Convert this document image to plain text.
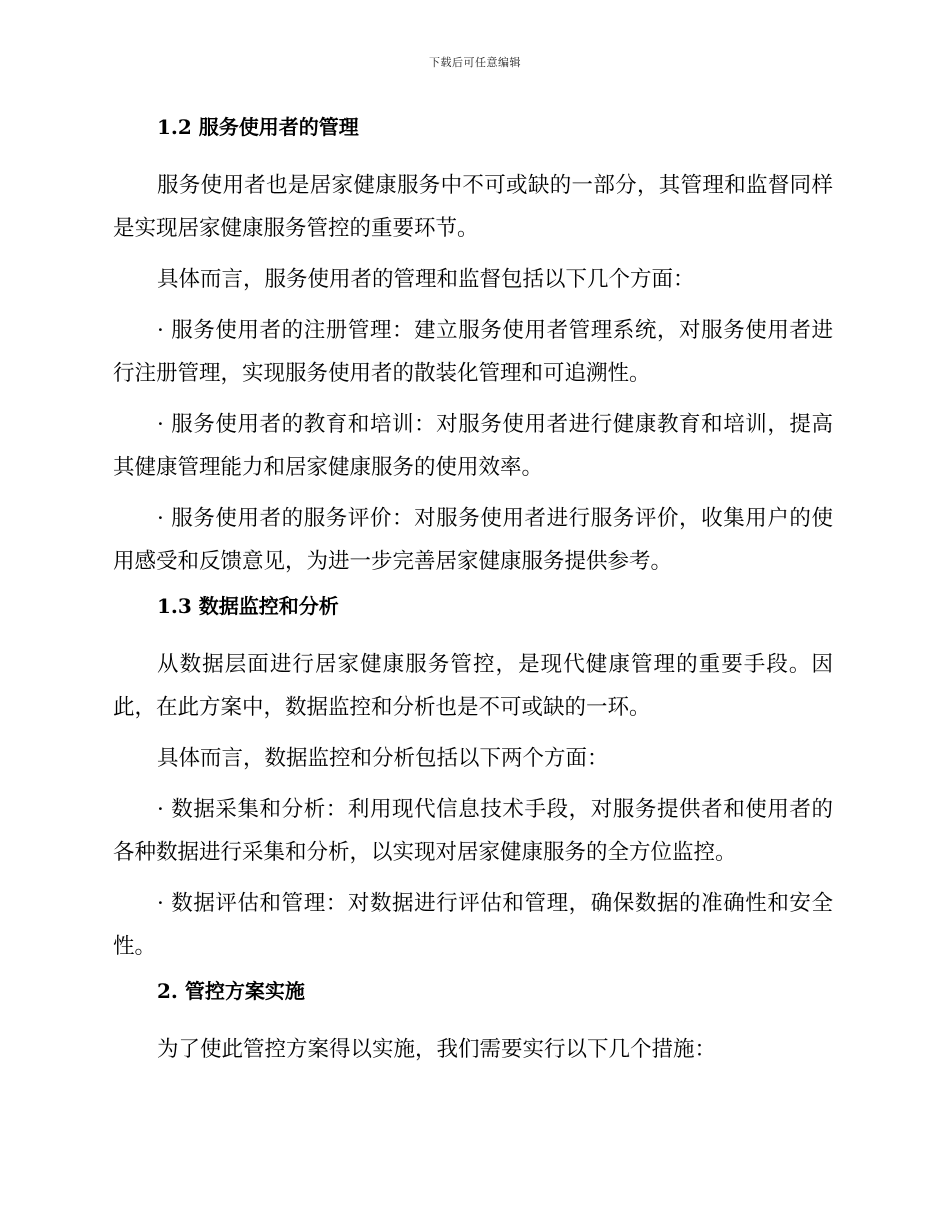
下载后可任意编辑
1.2 服务使用者的管理

服务使用者也是居家健康服务中不可或缺的一部分，其管理和监督同样是实现居家健康服务管控的重要环节。

具体而言，服务使用者的管理和监督包括以下几个方面：

· 服务使用者的注册管理：建立服务使用者管理系统，对服务使用者进行注册管理，实现服务使用者的散装化管理和可追溯性。

· 服务使用者的教育和培训：对服务使用者进行健康教育和培训，提高其健康管理能力和居家健康服务的使用效率。

· 服务使用者的服务评价：对服务使用者进行服务评价，收集用户的使用感受和反馈意见，为进一步完善居家健康服务提供参考。

1.3 数据监控和分析

从数据层面进行居家健康服务管控，是现代健康管理的重要手段。因此，在此方案中，数据监控和分析也是不可或缺的一环。

具体而言，数据监控和分析包括以下两个方面：

· 数据采集和分析：利用现代信息技术手段，对服务提供者和使用者的各种数据进行采集和分析，以实现对居家健康服务的全方位监控。

· 数据评估和管理：对数据进行评估和管理，确保数据的准确性和安全性。

2. 管控方案实施

为了使此管控方案得以实施，我们需要实行以下几个措施：
